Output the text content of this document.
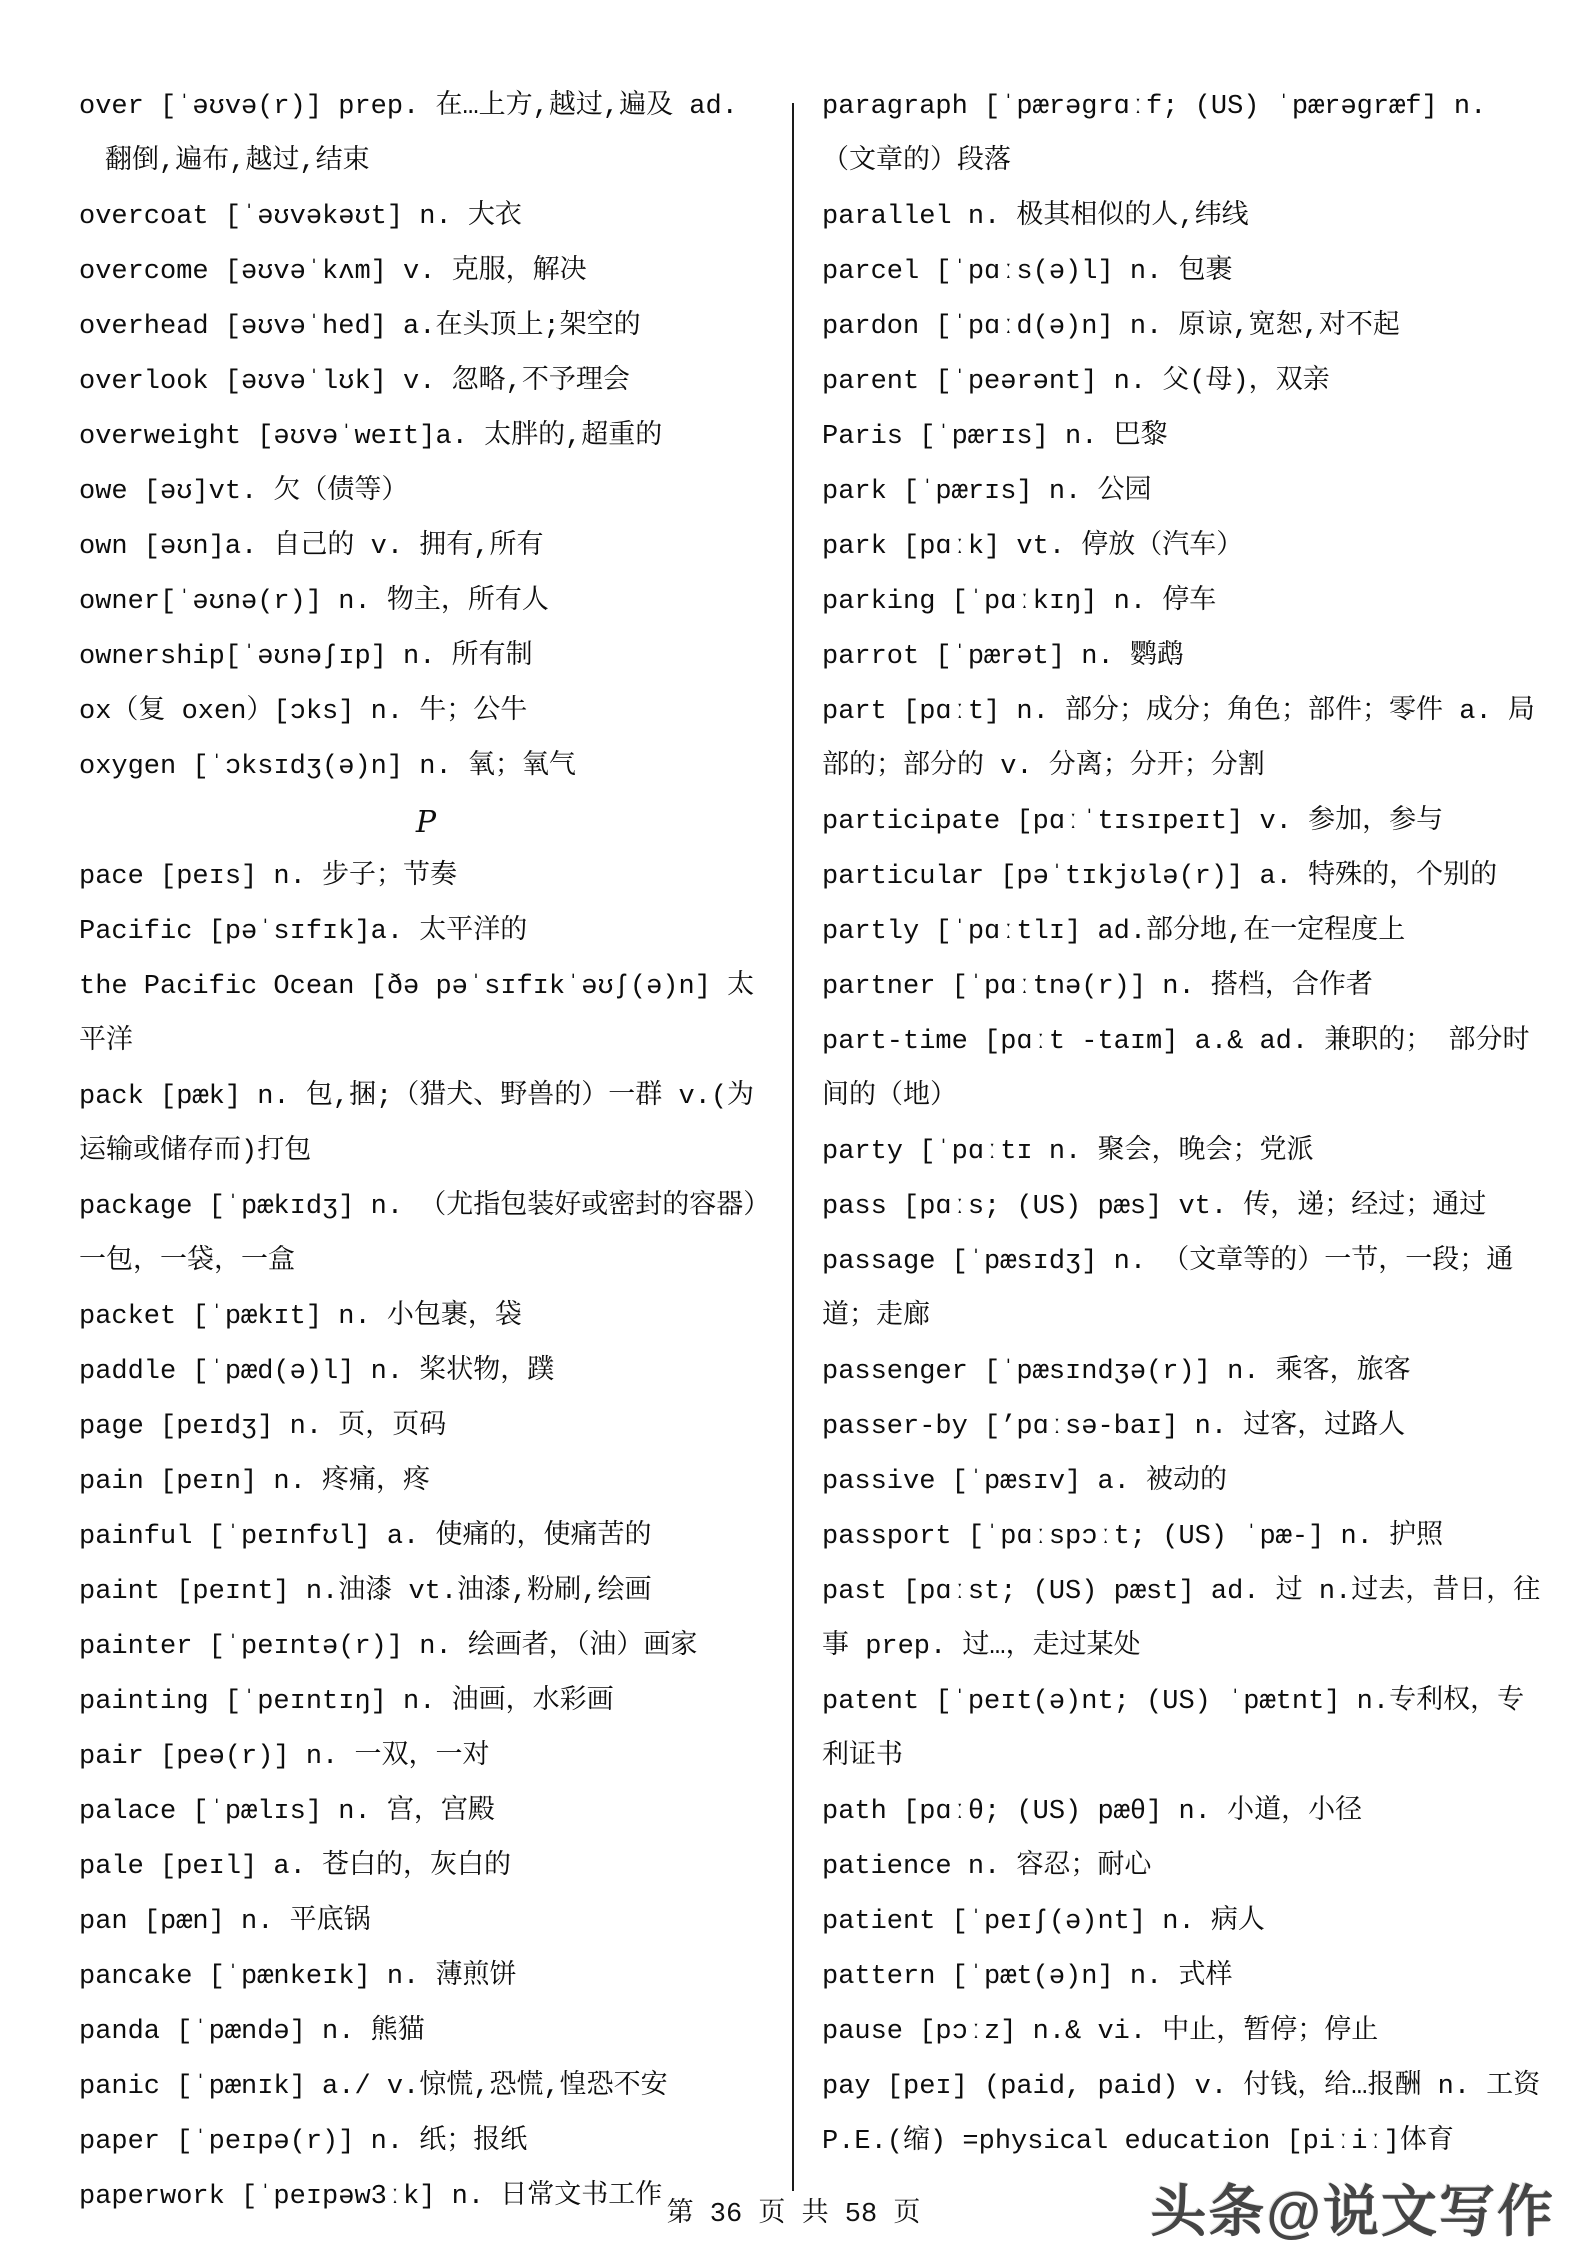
over [ˈəʊvə(r)] prep. 在…上方,越过,遍及 ad. 翻倒,遍布,越过,结束
overcoat [ˈəʊvəkəʊt] n. 大衣
overcome [əʊvəˈkʌm] v. 克服，解决
overhead [əʊvəˈhed] a.在头顶上;架空的
overlook [əʊvəˈlʊk] v. 忽略,不予理会
overweight [əʊvəˈweɪt]a. 太胖的,超重的
owe [əʊ]vt. 欠（债等）
own [əʊn]a. 自己的 v. 拥有,所有
owner[ˈəʊnə(r)] n. 物主，所有人
ownership[ˈəʊnəʃɪp] n. 所有制
ox（复 oxen）[ɔks] n. 牛；公牛
oxygen [ˈɔksɪdʒ(ə)n] n. 氧；氧气
P
pace [peɪs] n. 步子；节奏
Pacific [pəˈsɪfɪk]a. 太平洋的
the Pacific Ocean [ðə pəˈsɪfɪkˈəʊʃ(ə)n] 太平洋
pack [pæk] n. 包,捆;（猎犬、野兽的）一群 v.(为运输或储存而)打包
package [ˈpækɪdʒ] n. （尤指包装好或密封的容器）一包，一袋，一盒
packet [ˈpækɪt] n. 小包裹，袋
paddle [ˈpæd(ə)l] n. 桨状物，蹼
page [peɪdʒ] n. 页，页码
pain [peɪn] n. 疼痛，疼
painful [ˈpeɪnfʊl] a. 使痛的，使痛苦的
paint [peɪnt] n.油漆 vt.油漆,粉刷,绘画
painter [ˈpeɪntə(r)] n. 绘画者，（油）画家
painting [ˈpeɪntɪŋ] n. 油画，水彩画
pair [peə(r)] n. 一双，一对
palace [ˈpælɪs] n. 宫，宫殿
pale [peɪl] a. 苍白的，灰白的
pan [pæn] n. 平底锅
pancake [ˈpænkeɪk] n. 薄煎饼
panda [ˈpændə] n. 熊猫
panic [ˈpænɪk] a./ v.惊慌,恐慌,惶恐不安
paper [ˈpeɪpə(r)] n. 纸；报纸
paperwork [ˈpeɪpəw3ːk] n. 日常文书工作
paragraph [ˈpærəgrɑːf; (US) ˈpærəgræf] n. （文章的）段落
parallel n. 极其相似的人,纬线
parcel [ˈpɑːs(ə)l] n. 包裹
pardon [ˈpɑːd(ə)n] n. 原谅,宽恕,对不起
parent [ˈpeərənt] n. 父(母)，双亲
Paris [ˈpærɪs] n. 巴黎
park [ˈpærɪs] n. 公园
park [pɑːk] vt. 停放（汽车）
parking [ˈpɑːkɪŋ] n. 停车
parrot [ˈpærət] n. 鹦鹉
part [pɑːt] n. 部分；成分；角色；部件；零件 a. 局部的；部分的 v. 分离；分开；分割
participate [pɑːˈtɪsɪpeɪt] v. 参加，参与
particular [pəˈtɪkjʊlə(r)] a. 特殊的，个别的
partly [ˈpɑːtlɪ] ad.部分地,在一定程度上
partner [ˈpɑːtnə(r)] n. 搭档，合作者
part-time [pɑːt -taɪm] a.& ad. 兼职的； 部分时间的（地）
party [ˈpɑːtɪ n. 聚会，晚会；党派
pass [pɑːs; (US) pæs] vt. 传，递；经过；通过
passage [ˈpæsɪdʒ] n. （文章等的）一节，一段；通道；走廊
passenger [ˈpæsɪndʒə(r)] n. 乘客，旅客
passer-by [’pɑːsə-baɪ] n. 过客，过路人
passive [ˈpæsɪv] a. 被动的
passport [ˈpɑːspɔːt; (US) ˈpæ-] n. 护照
past [pɑːst; (US) pæst] ad. 过 n.过去，昔日，往事 prep. 过…，走过某处
patent [ˈpeɪt(ə)nt; (US) ˈpætnt] n.专利权，专利证书
path [pɑːθ; (US) pæθ] n. 小道，小径
patience n. 容忍；耐心
patient [ˈpeɪʃ(ə)nt] n. 病人
pattern [ˈpæt(ə)n] n. 式样
pause [pɔːz] n.& vi. 中止，暂停；停止
pay [peɪ] (paid, paid) v. 付钱，给…报酬 n. 工资
P.E.(缩) =physical education [piːiː]体育
第 36 页 共 58 页	头条@说文写作
